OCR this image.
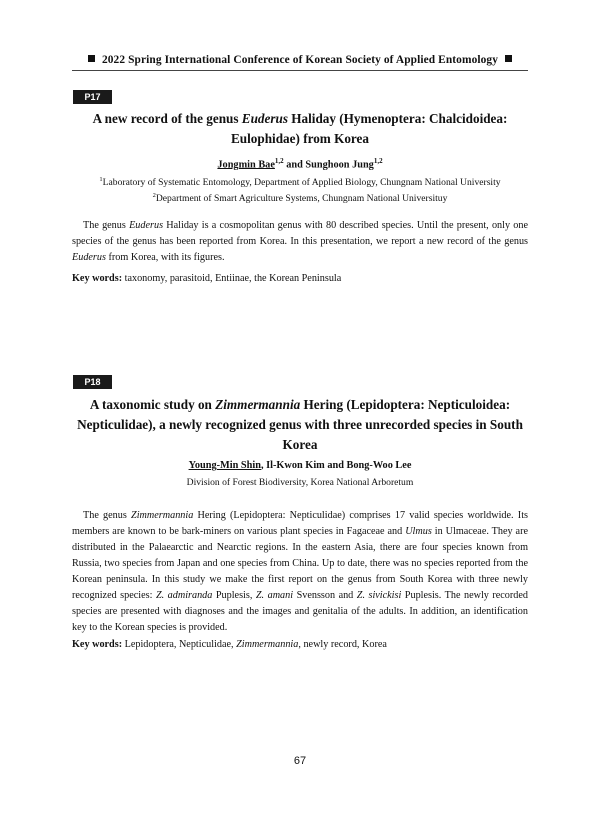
2022 Spring International Conference of Korean Society of Applied Entomology
P17
A new record of the genus Euderus Haliday (Hymenoptera: Chalcidoidea:
Eulophidae) from Korea
Jongmin Bae$^{1,2}$ and Sunghoon Jung$^{1,2}$
$^1$Laboratory of Systematic Entomology, Department of Applied Biology, Chungnam National University
$^2$Department of Smart Agriculture Systems, Chungnam National Universituy

The genus Euderus Haliday is a cosmopolitan genus with 80 described species. Until the present, only one species of the genus has been reported from Korea. In this presentation, we report a new record of the genus Euderus from Korea, with its figures.

Key words: taxonomy, parasitoid, Entiinae, the Korean Peninsula

P18
A taxonomic study on Zimmermannia Hering (Lepidoptera: Nepticuloidea:
Nepticulidae), a newly recognized genus with three unrecorded species in South
Korea
Young-Min Shin, Il-Kwon Kim and Bong-Woo Lee
Division of Forest Biodiversity, Korea National Arboretum

The genus Zimmermannia Hering (Lepidoptera: Nepticulidae) comprises 17 valid species worldwide. Its members are known to be bark-miners on various plant species in Fagaceae and Ulmus in Ulmaceae. They are distributed in the Palaearctic and Nearctic regions. In the eastern Asia, there are four species known from Russia, two species from Japan and one species from China. Up to date, there was no species reported from the Korean peninsula. In this study we make the first report on the genus from South Korea with three newly recognized species: Z. admiranda Puplesis, Z. amani Svensson and Z. sivickisi Puplesis. The newly recorded species are presented with diagnoses and the images and genitalia of the adults. In addition, an identification key to the Korean species is provided.

Key words: Lepidoptera, Nepticulidae, Zimmermannia, newly record, Korea

67
